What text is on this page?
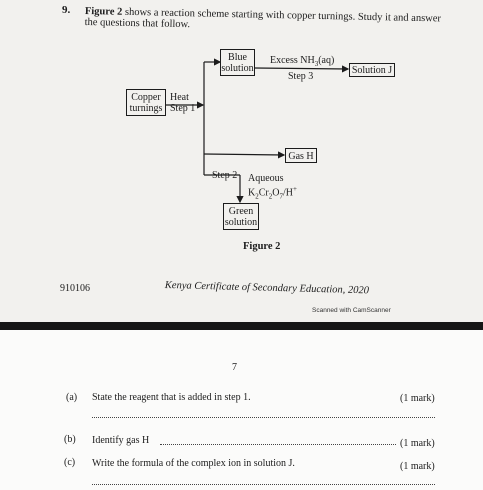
9. Figure 2 shows a reaction scheme starting with copper turnings. Study it and answer the questions that follow.
Copper
turnings
Heat
Step 1
Blue
solution
Excess $NH_3(aq)$
Step 3
Solution J
Gas H
Step 2 Aqueous
$K_2Cr_2O_7/H^+$
Green
solution
Figure 2
910106	Kenya Certificate of Secondary Education, 2020
Scanned with CamScanner
7
(a) State the reagent that is added in step 1.	(1 mark)
(b) Identify gas H	(1 mark)
(c) Write the formula of the complex ion in solution J.	(1 mark)
